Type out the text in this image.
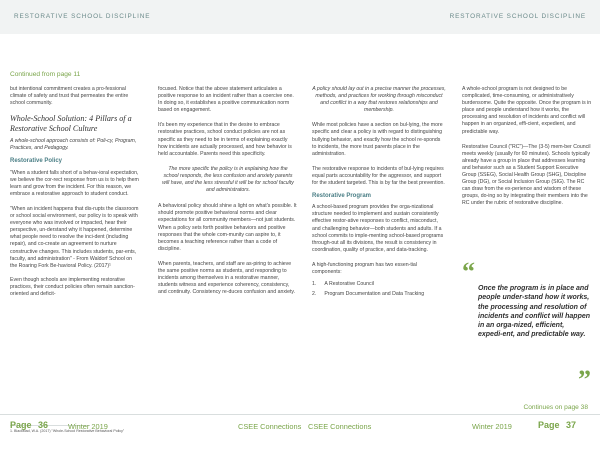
RESTORATIVE SCHOOL DISCIPLINE	RESTORATIVE SCHOOL DISCIPLINE
Continued from page 11

but intentional commitment creates a pro-fessional climate of safety and trust that permeates the entire school community.

Whole-School Solution: 4 Pillars of a Restorative School Culture

A whole-school approach consists of: Poli-cy, Program, Practices, and Pedagogy.

Restorative Policy

"When a student falls short of a behav-ioral expectation, we believe the cor-rect response from us is to help them learn and grow from the incident. For this reason, we embrace a restorative approach to student conduct.

"When an incident happens that dis-rupts the classroom or school social environment, our policy is to speak with everyone who was involved or impacted, hear their perspective, un-derstand why it happened, determine what people need to resolve the inci-dent (including repair), and co-create an agreement to nurture constructive changes. This includes students, par-ents, faculty, and administration" - From Waldorf School on the Roaring Fork Be-havioral Policy. (2017)¹

Even though schools are implementing restorative practices, their conduct policies often remain sanction-oriented and deficit-

1. Blackstad, W.A. (2017) "Whole-School Restorative Behavioral Policy"

focused. Notice that the above statement articulates a positive response to an incident rather than a coercive one. In doing so, it establishes a positive communication norm based on engagement.

It's been my experience that in the desire to embrace restorative practices, school conduct policies are not as specific as they need to be in terms of explaining exactly how incidents are actually processed, and how behavior is held accountable. Parents need this specificity.

The more specific the policy is in explaining how the school responds, the less confusion and anxiety parents will have, and the less stressful it will be for school faculty and administrators.

A behavioral policy should shine a light on what's possible. It should promote positive behavioral norms and clear expectations for all community members—not just students. When a policy sets forth positive behaviors and positive responses that the whole com-munity can aspire to, it becomes a teaching reference rather than a code of discipline.

When parents, teachers, and staff are as-piring to achieve the same positive norms as students, and responding to incidents among themselves in a restorative manner, students witness and experience coherency, consistency, and continuity. Consistency re-duces confusion and anxiety.

A policy should lay out in a precise manner the processes, methods, and practices for working through misconduct and conflict in a way that restores relationships and membership.

While most policies have a section on bul-lying, the more specific and clear a policy is with regard to distinguishing bullying behavior, and exactly how the school re-sponds to incidents, the more trust parents place in the administration.

The restorative response to incidents of bul-lying requires equal parts accountability for the aggressor, and support for the student targeted. This is by far the best prevention.

Restorative Program

A school-based program provides the orga-nizational structure needed to implement and sustain consistently effective restor-ative responses to conflict, misconduct, and challenging behavior—both students and adults. If a school commits to imple-menting school-based programs through-out all its divisions, the result is consistency in coordination, quality of practice, and data-tracking.

A high-functioning program has two essen-tial components:

1. A Restorative Council
2. Program Documentation and Data Tracking

A whole-school program is not designed to be complicated, time-consuming, or administratively burdensome. Quite the opposite. Once the program is in place and people understand how it works, the processing and resolution of incidents and conflict will happen in an organized, effi-cient, expedient, and predictable way.

Restorative Council ("RC")—The (3-5) mem-ber Council meets weekly (usually for 60 minutes). Schools typically already have a group in place that addresses learning and behavior such as a Student Support Executive Group (SSEG), Social Health Group (SHG), Discipline Group (DG), or Social Inclusion Group (SIG). The RC can draw from the ex-perience and wisdom of these groups, do-ing so by integrating their members into the RC under the rubric of restorative discipline.

“
Once the program is in place and people under-stand how it works, the processing and resolution of incidents and conflict will happen in an orga-nized, efficient, expedi-ent, and predictable way.
”
Continues on page 38
Page 36	Winter 2019	CSEE Connections CSEE Connections	Winter 2019	Page 37
